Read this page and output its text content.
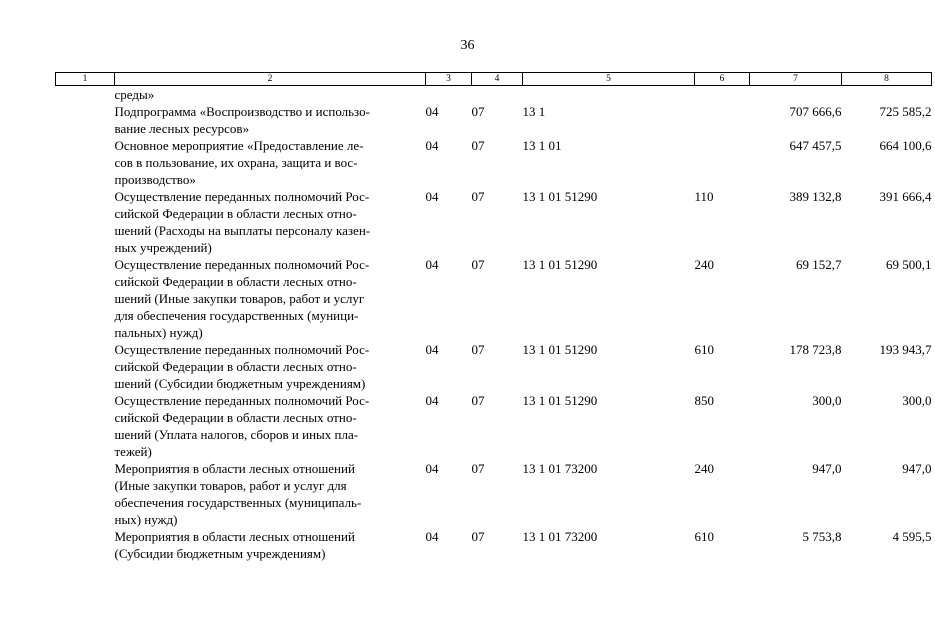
36
1	2	3	4	5	6	7	8
	среды»						
	Подпрограмма «Воспроизводство и использо-
вание лесных ресурсов»	04	07	13 1		707 666,6	725 585,2
	Основное мероприятие «Предоставление ле-
сов в пользование, их охрана, защита и вос-
производство»	04	07	13 1 01		647 457,5	664 100,6
	Осуществление переданных полномочий Рос-
сийской Федерации в области лесных отно-
шений (Расходы на выплаты персоналу казен-
ных учреждений)	04	07	13 1 01 51290	110	389 132,8	391 666,4
	Осуществление переданных полномочий Рос-
сийской Федерации в области лесных отно-
шений (Иные закупки товаров, работ и услуг
для обеспечения государственных (муници-
пальных) нужд)	04	07	13 1 01 51290	240	69 152,7	69 500,1
	Осуществление переданных полномочий Рос-
сийской Федерации в области лесных отно-
шений (Субсидии бюджетным учреждениям)	04	07	13 1 01 51290	610	178 723,8	193 943,7
	Осуществление переданных полномочий Рос-
сийской Федерации в области лесных отно-
шений (Уплата налогов, сборов и иных пла-
тежей)	04	07	13 1 01 51290	850	300,0	300,0
	Мероприятия в области лесных отношений
(Иные закупки товаров, работ и услуг для
обеспечения государственных (муниципаль-
ных) нужд)	04	07	13 1 01 73200	240	947,0	947,0
	Мероприятия в области лесных отношений
(Субсидии бюджетным учреждениям)	04	07	13 1 01 73200	610	5 753,8	4 595,5
